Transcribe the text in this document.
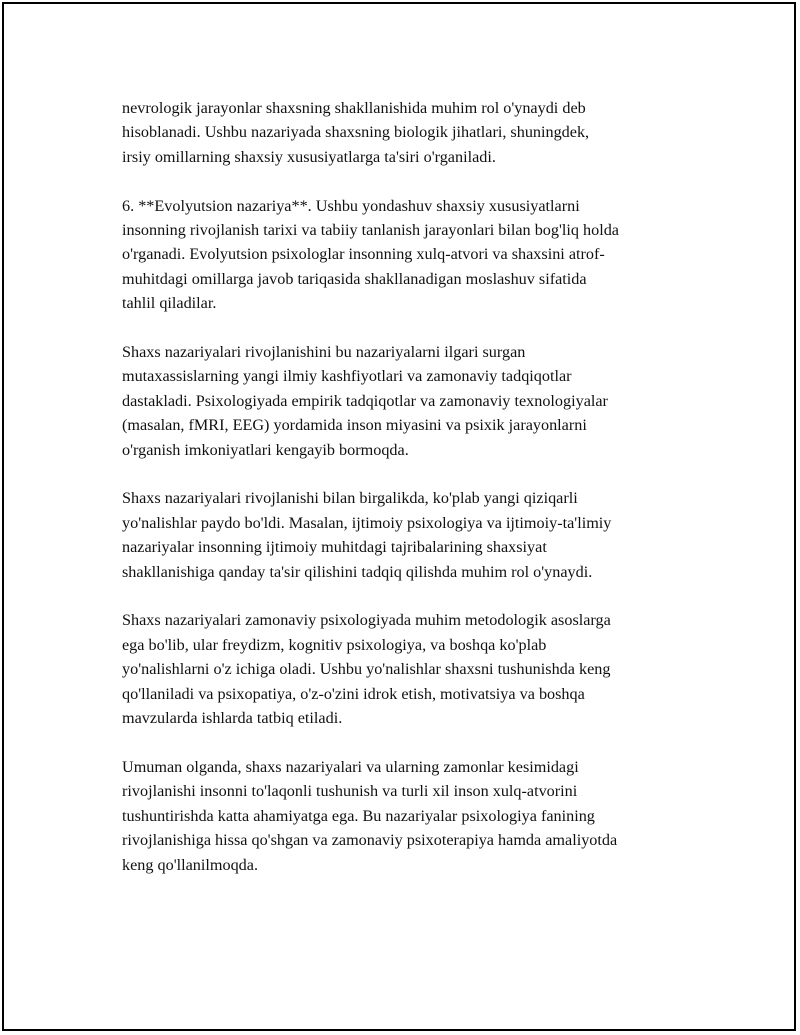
nevrologik jarayonlar shaxsning shakllanishida muhim rol o'ynaydi deb
hisoblanadi. Ushbu nazariyada shaxsning biologik jihatlari, shuningdek,
irsiy omillarning shaxsiy xususiyatlarga ta'siri o'rganiladi.

6. **Evolyutsion nazariya**. Ushbu yondashuv shaxsiy xususiyatlarni
insonning rivojlanish tarixi va tabiiy tanlanish jarayonlari bilan bog'liq holda
o'rganadi. Evolyutsion psixologlar insonning xulq-atvori va shaxsini atrof-
muhitdagi omillarga javob tariqasida shakllanadigan moslashuv sifatida
tahlil qiladilar.

Shaxs nazariyalari rivojlanishini bu nazariyalarni ilgari surgan
mutaxassislarning yangi ilmiy kashfiyotlari va zamonaviy tadqiqotlar
dastakladi. Psixologiyada empirik tadqiqotlar va zamonaviy texnologiyalar
(masalan, fMRI, EEG) yordamida inson miyasini va psixik jarayonlarni
o'rganish imkoniyatlari kengayib bormoqda.

Shaxs nazariyalari rivojlanishi bilan birgalikda, ko'plab yangi qiziqarli
yo'nalishlar paydo bo'ldi. Masalan, ijtimoiy psixologiya va ijtimoiy-ta'limiy
nazariyalar insonning ijtimoiy muhitdagi tajribalarining shaxsiyat
shakllanishiga qanday ta'sir qilishini tadqiq qilishda muhim rol o'ynaydi.

Shaxs nazariyalari zamonaviy psixologiyada muhim metodologik asoslarga
ega bo'lib, ular freydizm, kognitiv psixologiya, va boshqa ko'plab
yo'nalishlarni o'z ichiga oladi. Ushbu yo'nalishlar shaxsni tushunishda keng
qo'llaniladi va psixopatiya, o'z-o'zini idrok etish, motivatsiya va boshqa
mavzularda ishlarda tatbiq etiladi.

Umuman olganda, shaxs nazariyalari va ularning zamonlar kesimidagi
rivojlanishi insonni to'laqonli tushunish va turli xil inson xulq-atvorini
tushuntirishda katta ahamiyatga ega. Bu nazariyalar psixologiya fanining
rivojlanishiga hissa qo'shgan va zamonaviy psixoterapiya hamda amaliyotda
keng qo'llanilmoqda.
